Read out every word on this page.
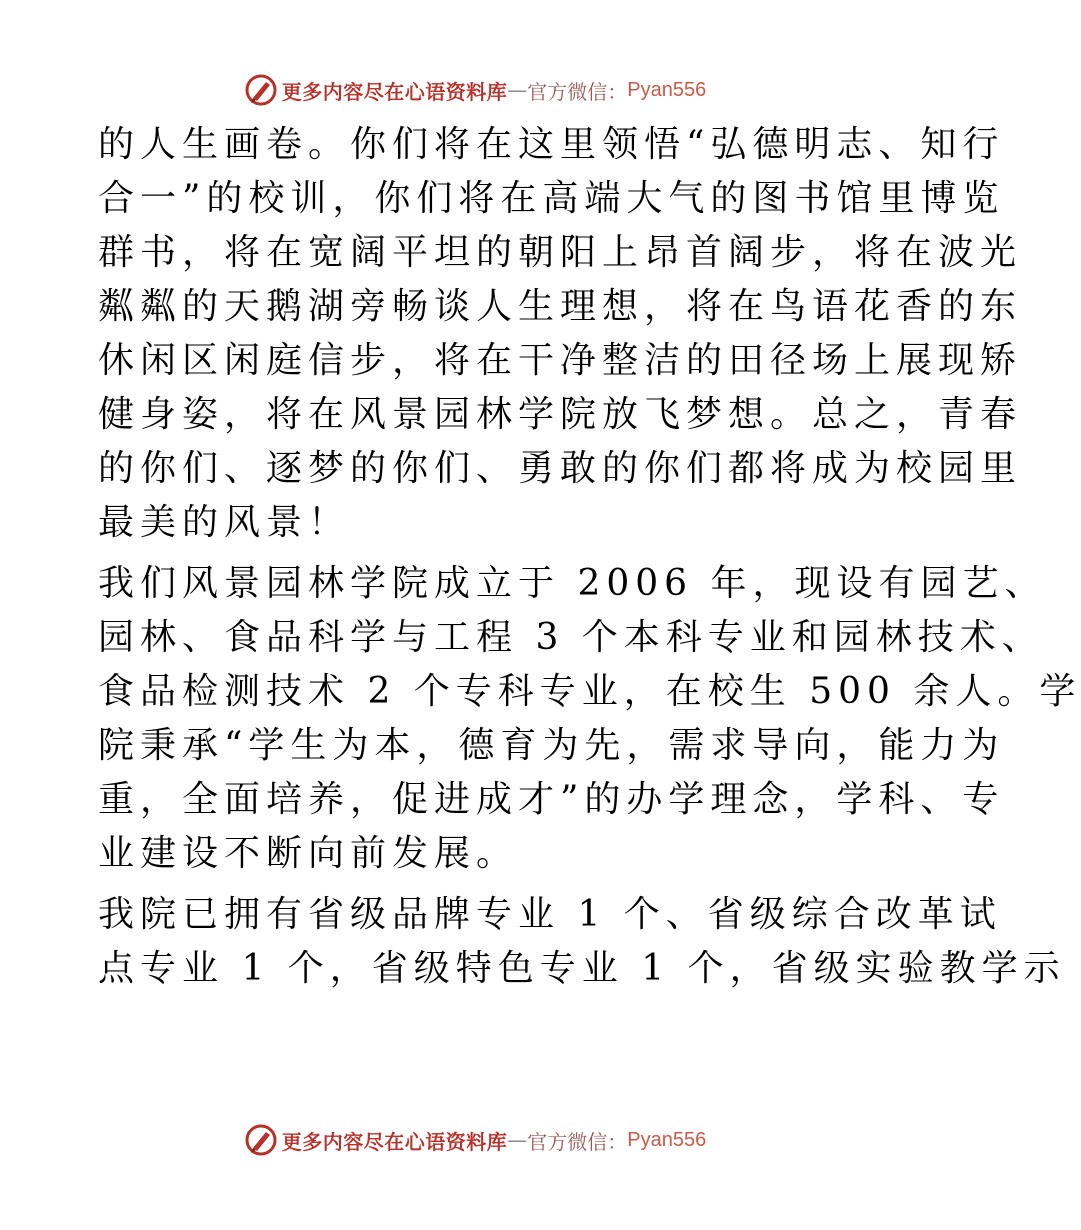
更多内容尽在心语资料库 — 官方微信： Pyan556

的人生画卷。你们将在这里领悟“弘德明志、知行
合一”的校训，你们将在高端大气的图书馆里博览
群书，将在宽阔平坦的朝阳上昂首阔步，将在波光
粼粼的天鹅湖旁畅谈人生理想，将在鸟语花香的东
休闲区闲庭信步，将在干净整洁的田径场上展现矫
健身姿，将在风景园林学院放飞梦想。总之，青春
的你们、逐梦的你们、勇敢的你们都将成为校园里
最美的风景！

我们风景园林学院成立于 2006 年，现设有园艺、
园林、食品科学与工程 3 个本科专业和园林技术、
食品检测技术 2 个专科专业，在校生 500 余人。学
院秉承“学生为本，德育为先，需求导向，能力为
重，全面培养，促进成才”的办学理念，学科、专
业建设不断向前发展。

我院已拥有省级品牌专业 1 个、省级综合改革试
点专业 1 个，省级特色专业 1 个，省级实验教学示

更多内容尽在心语资料库 — 官方微信： Pyan556
